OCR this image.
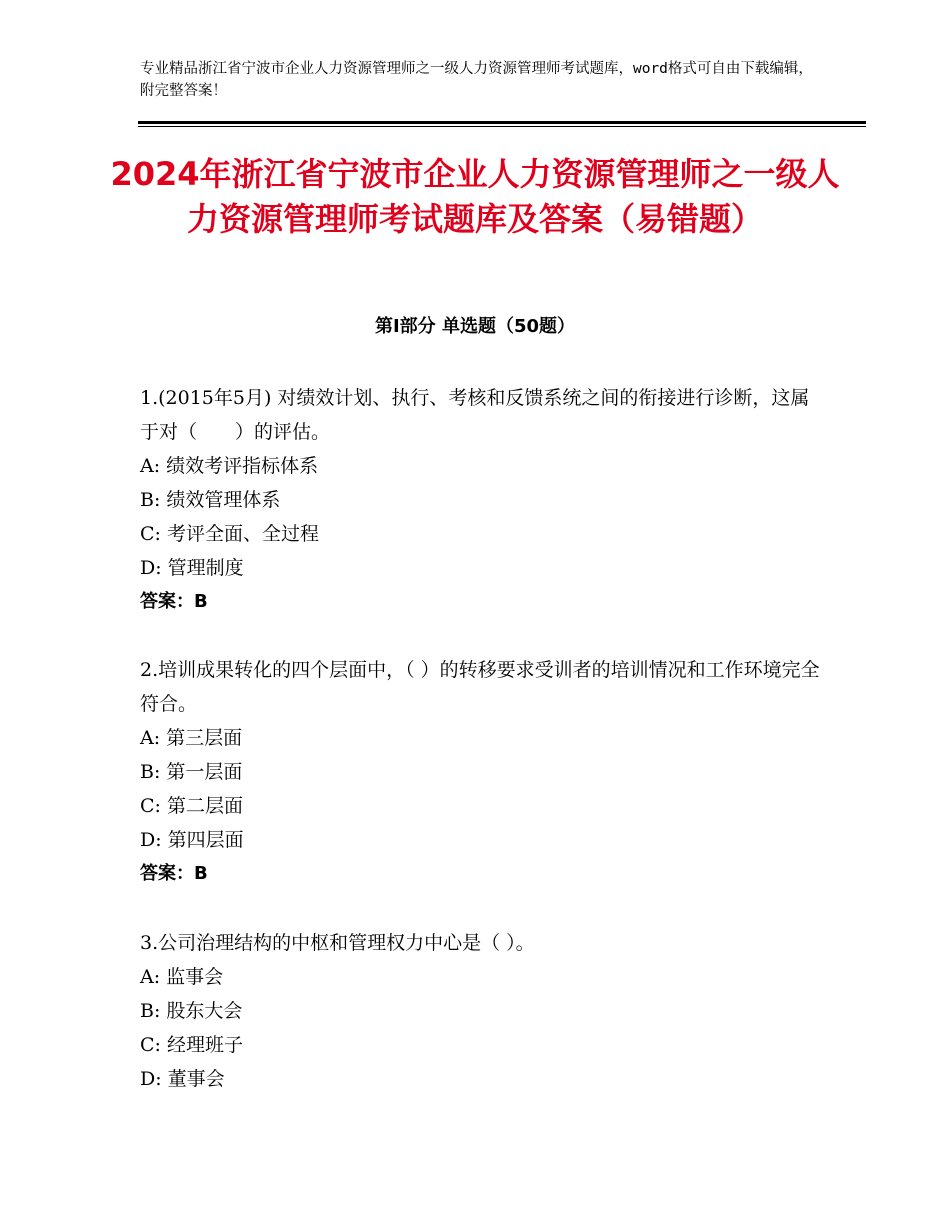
专业精品浙江省宁波市企业人力资源管理师之一级人力资源管理师考试题库，word格式可自由下载编辑，附完整答案！
2024年浙江省宁波市企业人力资源管理师之一级人力资源管理师考试题库及答案（易错题）
第Ⅰ部分 单选题（50题）

1.(2015年5月) 对绩效计划、执行、考核和反馈系统之间的衔接进行诊断，这属于对（　　）的评估。

A: 绩效考评指标体系

B: 绩效管理体系

C: 考评全面、全过程

D: 管理制度

答案：B

2.培训成果转化的四个层面中，（ ）的转移要求受训者的培训情况和工作环境完全 符合。

A: 第三层面

B: 第一层面

C: 第二层面

D: 第四层面

答案：B

3.公司治理结构的中枢和管理权力中心是（ ）。

A: 监事会

B: 股东大会

C: 经理班子

D: 董事会
